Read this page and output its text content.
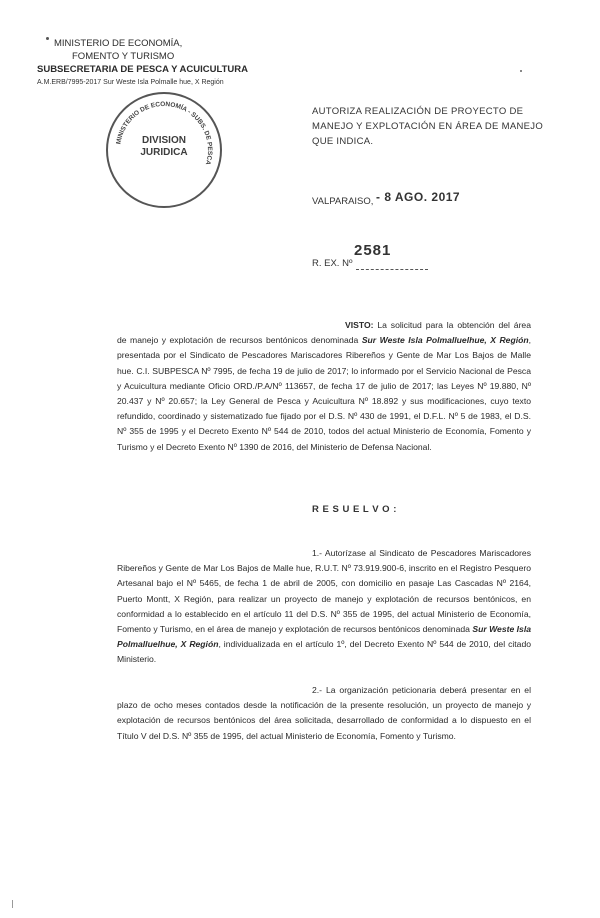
MINISTERIO DE ECONOMÍA,
FOMENTO Y TURISMO
SUBSECRETARIA DE PESCA Y ACUICULTURA
A.M.ERB/7995-2017 Sur Weste Isla Polmalle hue, X Región
MINISTERIO DE ECONOMÍA - SUBS. DE PESCA
DIVISION
JURIDICA
AUTORIZA REALIZACIÓN DE PROYECTO DE
MANEJO Y EXPLOTACIÓN EN ÁREA DE MANEJO
QUE INDICA.
VALPARAISO, - 8 AGO. 2017
2581
R. EX. Nº
VISTO: La solicitud para la obtención del área de manejo y explotación de recursos bentónicos denominada Sur Weste Isla Polmalluelhue, X Región, presentada por el Sindicato de Pescadores Mariscadores Ribereños y Gente de Mar Los Bajos de Malle hue. C.I. SUBPESCA Nº 7995, de fecha 19 de julio de 2017; lo informado por el Servicio Nacional de Pesca y Acuicultura mediante Oficio ORD./P.A/Nº 113657, de fecha 17 de julio de 2017; las Leyes Nº 19.880, Nº 20.437 y Nº 20.657; la Ley General de Pesca y Acuicultura Nº 18.892 y sus modificaciones, cuyo texto refundido, coordinado y sistematizado fue fijado por el D.S. Nº 430 de 1991, el D.F.L. Nº 5 de 1983, el D.S. Nº 355 de 1995 y el Decreto Exento Nº 544 de 2010, todos del actual Ministerio de Economía, Fomento y Turismo y el Decreto Exento Nº 1390 de 2016, del Ministerio de Defensa Nacional.
R E S U E L V O :
1.- Autorízase al Sindicato de Pescadores Mariscadores Ribereños y Gente de Mar Los Bajos de Malle hue, R.U.T. Nº 73.919.900-6, inscrito en el Registro Pesquero Artesanal bajo el Nº 5465, de fecha 1 de abril de 2005, con domicilio en pasaje Las Cascadas Nº 2164, Puerto Montt, X Región, para realizar un proyecto de manejo y explotación de recursos bentónicos, en conformidad a lo establecido en el artículo 11 del D.S. Nº 355 de 1995, del actual Ministerio de Economía, Fomento y Turismo, en el área de manejo y explotación de recursos bentónicos denominada Sur Weste Isla Polmalluelhue, X Región, individualizada en el artículo 1º, del Decreto Exento Nº 544 de 2010, del citado Ministerio.
2.- La organización peticionaria deberá presentar en el plazo de ocho meses contados desde la notificación de la presente resolución, un proyecto de manejo y explotación de recursos bentónicos del área solicitada, desarrollado de conformidad a lo dispuesto en el Título V del D.S. Nº 355 de 1995, del actual Ministerio de Economía, Fomento y Turismo.
